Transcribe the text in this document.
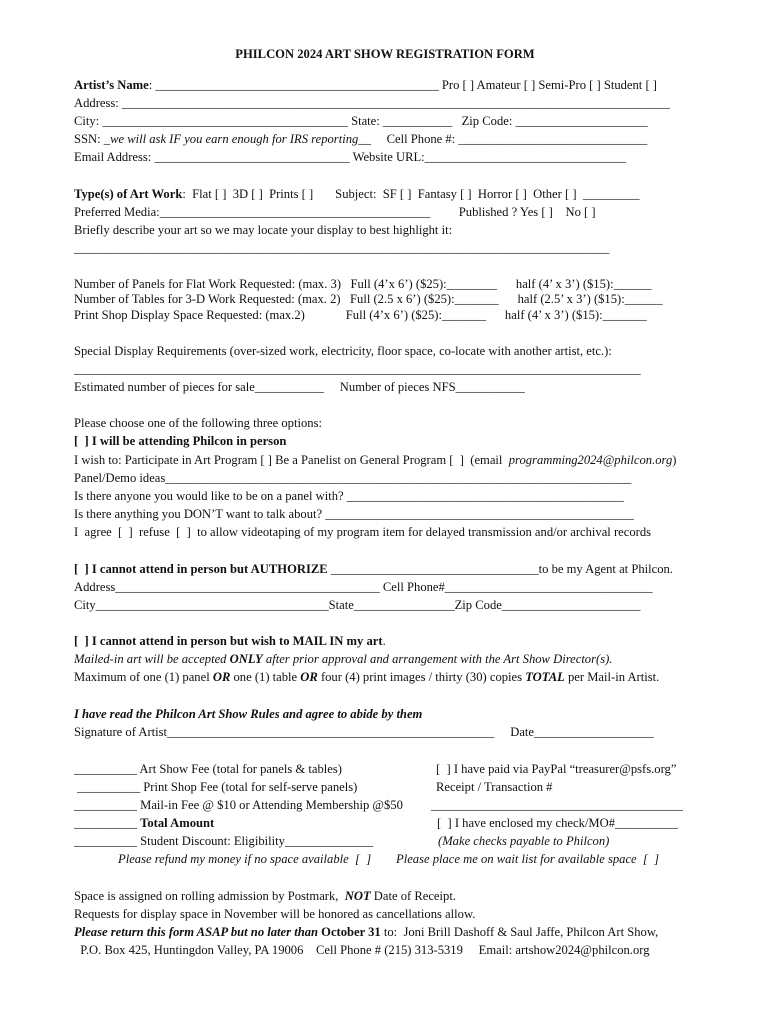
PHILCON 2024 ART SHOW REGISTRATION FORM
Artist’s Name: _____________________________________________ Pro [ ] Amateur [ ] Semi-Pro [ ] Student [ ]
Address: _______________________________________________________________________________________
City: _______________________________________ State: ___________   Zip Code: _____________________
SSN: _we will ask IF you earn enough for IRS reporting__     Cell Phone #: ______________________________
Email Address: _______________________________ Website URL:________________________________
Type(s) of Art Work:  Flat [ ]  3D [ ]  Prints [ ]       Subject:  SF [ ]  Fantasy [ ]  Horror [ ]  Other [ ]  _________
Preferred Media:___________________________________________         Published ? Yes [ ]    No [ ]
Briefly describe your art so we may locate your display to best highlight it:
_____________________________________________________________________________________
Number of Panels for Flat Work Requested: (max. 3)   Full (4’x 6’) ($25):________      half (4’ x 3’) ($15):______
Number of Tables for 3-D Work Requested: (max. 2)   Full (2.5 x 6’) ($25):_______      half (2.5’ x 3’) ($15):______
Print Shop Display Space Requested: (max.2)             Full (4’x 6’) ($25):_______      half (4’ x 3’) ($15):_______
Special Display Requirements (over-sized work, electricity, floor space, co-locate with another artist, etc.):
__________________________________________________________________________________________
Estimated number of pieces for sale___________     Number of pieces NFS___________
Please choose one of the following three options:
[  ] I will be attending Philcon in person
I wish to: Participate in Art Program [ ] Be a Panelist on General Program [  ]  (email  programming2024@philcon.org)
Panel/Demo ideas__________________________________________________________________________
Is there anyone you would like to be on a panel with? ____________________________________________
Is there anything you DON’T want to talk about? _________________________________________________
I  agree  [  ]  refuse  [  ]  to allow videotaping of my program item for delayed transmission and/or archival records
[  ] I cannot attend in person but AUTHORIZE _________________________________to be my Agent at Philcon.
Address__________________________________________ Cell Phone#_________________________________
City_____________________________________State________________Zip Code______________________
[  ] I cannot attend in person but wish to MAIL IN my art.
Mailed-in art will be accepted ONLY after prior approval and arrangement with the Art Show Director(s).
Maximum of one (1) panel OR one (1) table OR four (4) print images / thirty (30) copies TOTAL per Mail-in Artist.
I have read the Philcon Art Show Rules and agree to abide by them
Signature of Artist____________________________________________________     Date___________________
__________ Art Show Fee (total for panels & tables)
__________ Print Shop Fee (total for self-serve panels)
__________ Mail-in Fee @ $10 or Attending Membership @$50
__________ Total Amount
__________ Student Discount: Eligibility______________
Please refund my money if no space available  [  ]
[  ] I have paid via PayPal “treasurer@psfs.org”
Receipt / Transaction #
________________________________________
[  ] I have enclosed my check/MO#__________
(Make checks payable to Philcon)
Please place me on wait list for available space  [  ]
Space is assigned on rolling admission by Postmark,  NOT Date of Receipt.
Requests for display space in November will be honored as cancellations allow.
Please return this form ASAP but no later than October 31 to:  Joni Brill Dashoff & Saul Jaffe, Philcon Art Show,
P.O. Box 425, Huntingdon Valley, PA 19006    Cell Phone # (215) 313-5319     Email: artshow2024@philcon.org
